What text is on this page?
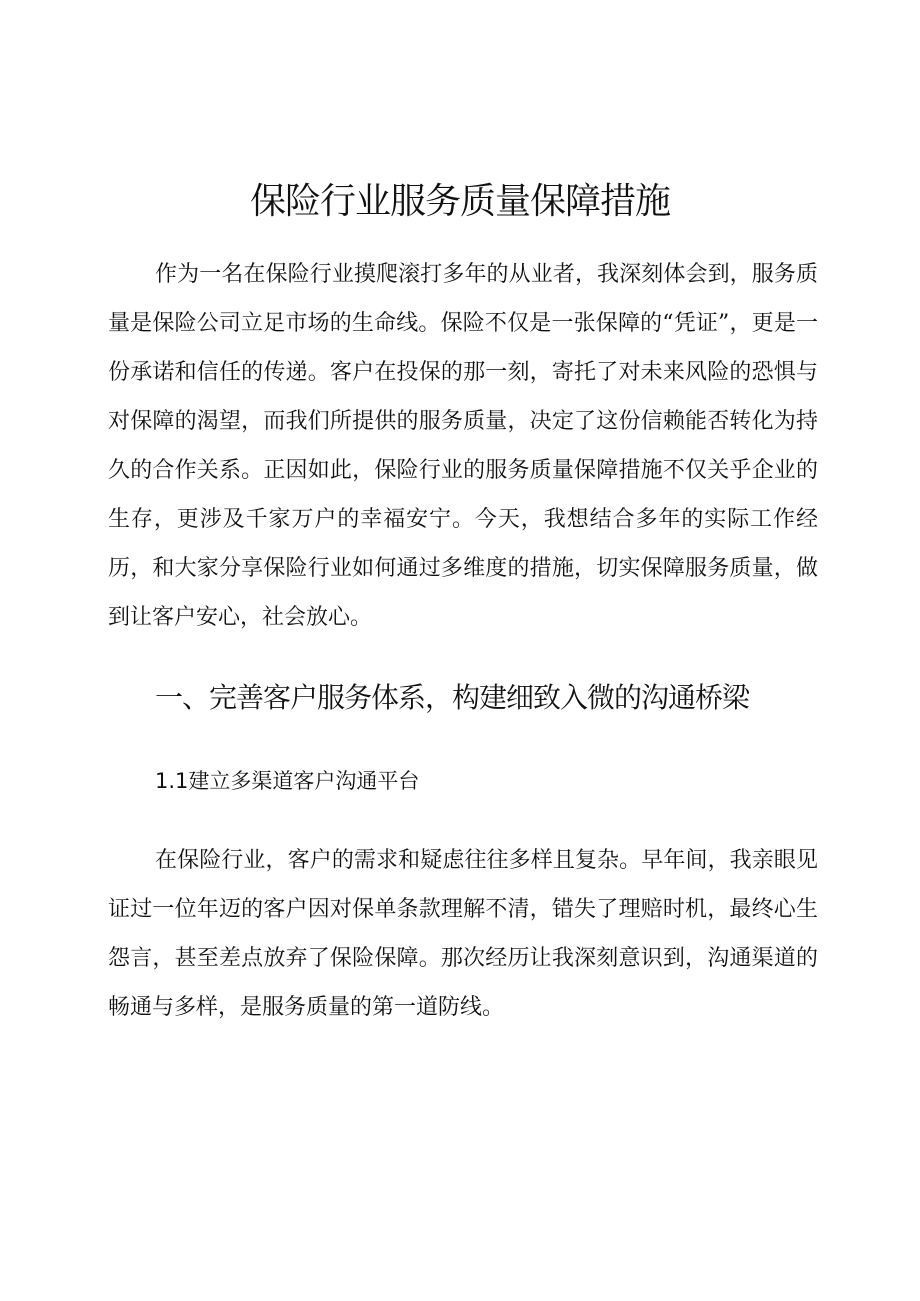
保险行业服务质量保障措施

作为一名在保险行业摸爬滚打多年的从业者，我深刻体会到，服务质量是保险公司立足市场的生命线。保险不仅是一张保障的“凭证”，更是一份承诺和信任的传递。客户在投保的那一刻，寄托了对未来风险的恐惧与对保障的渴望，而我们所提供的服务质量，决定了这份信赖能否转化为持久的合作关系。正因如此，保险行业的服务质量保障措施不仅关乎企业的生存，更涉及千家万户的幸福安宁。今天，我想结合多年的实际工作经历，和大家分享保险行业如何通过多维度的措施，切实保障服务质量，做到让客户安心，社会放心。

一、完善客户服务体系，构建细致入微的沟通桥梁
1.1建立多渠道客户沟通平台

在保险行业，客户的需求和疑虑往往多样且复杂。早年间，我亲眼见证过一位年迈的客户因对保单条款理解不清，错失了理赔时机，最终心生怨言，甚至差点放弃了保险保障。那次经历让我深刻意识到，沟通渠道的畅通与多样，是服务质量的第一道防线。
